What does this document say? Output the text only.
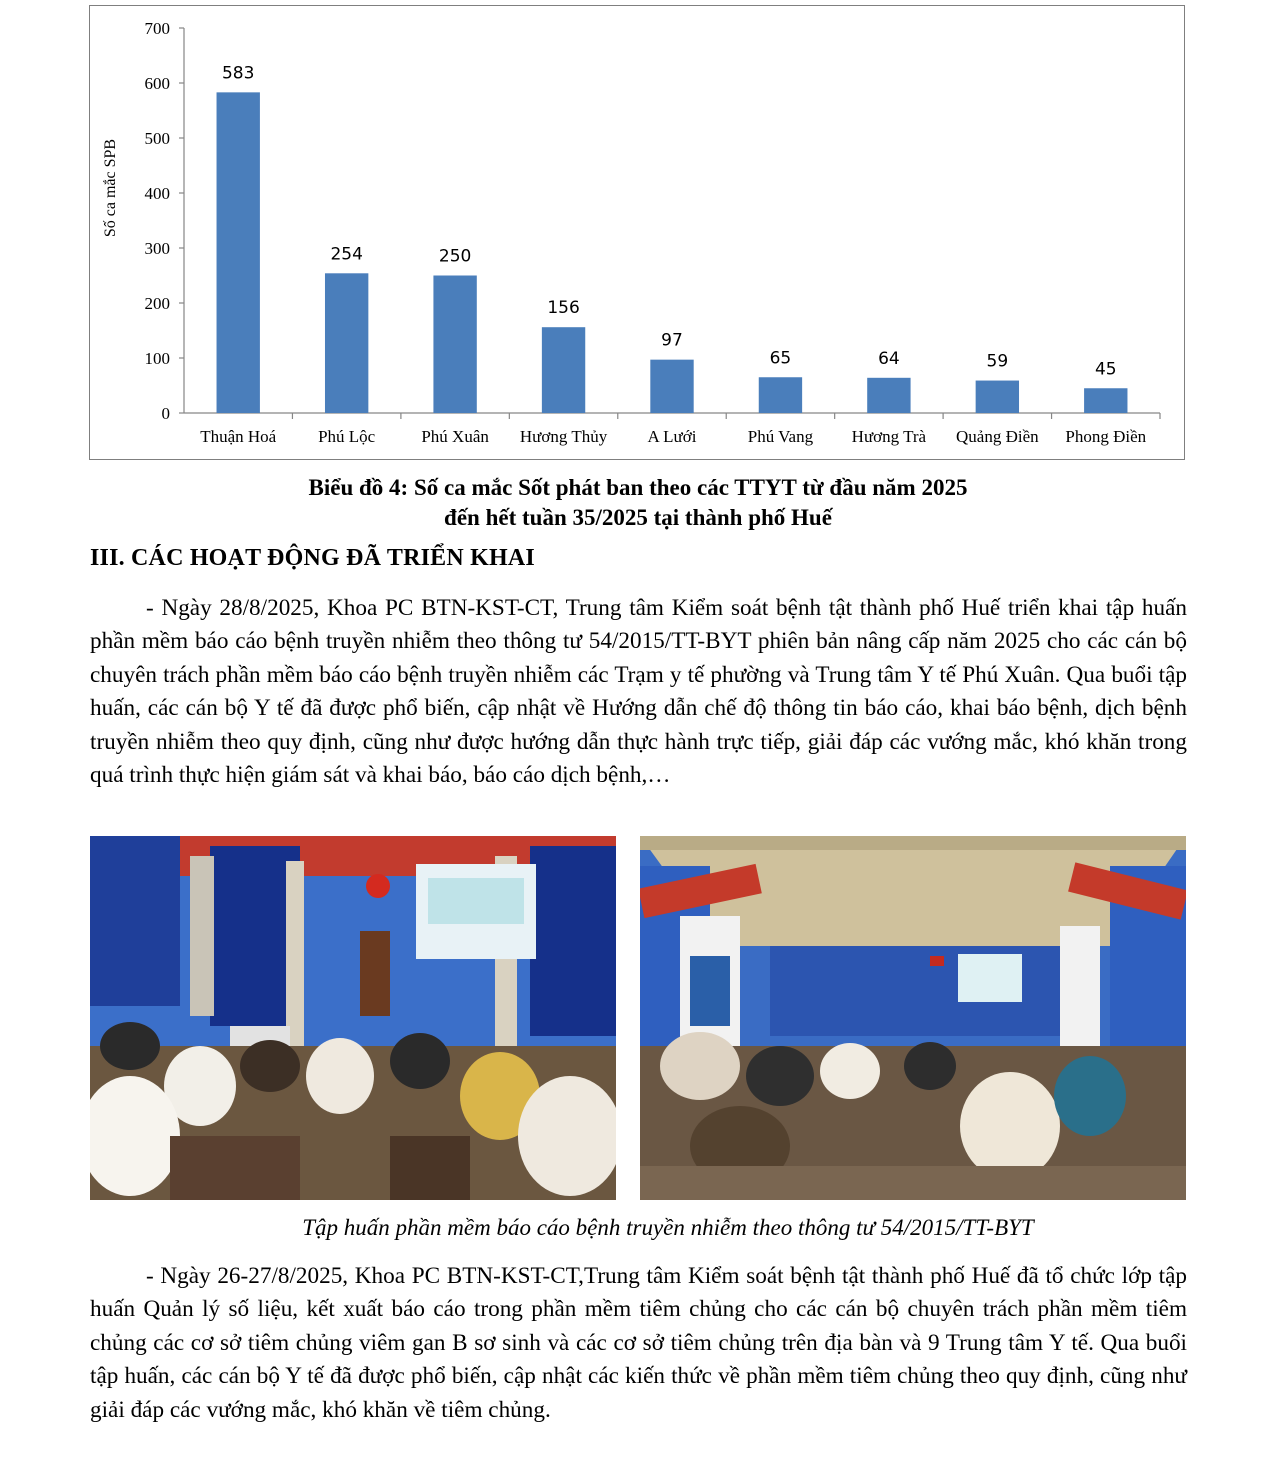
0
100
200
300
400
500
600
700
Số ca mắc SPB
583
Thuận Hoá
254
Phú Lộc
250
Phú Xuân
156
Hương Thủy
97
A Lưới
65
Phú Vang
64
Hương Trà
59
Quảng Điền
45
Phong Điền
Biểu đồ 4: Số ca mắc Sốt phát ban theo các TTYT từ đầu năm 2025
đến hết tuần 35/2025 tại thành phố Huế
III. CÁC HOẠT ĐỘNG ĐÃ TRIỂN KHAI

- Ngày 28/8/2025, Khoa PC BTN-KST-CT, Trung tâm Kiểm soát bệnh tật thành phố Huế triển khai tập huấn phần mềm báo cáo bệnh truyền nhiễm theo thông tư 54/2015/TT-BYT phiên bản nâng cấp năm 2025 cho các cán bộ chuyên trách phần mềm báo cáo bệnh truyền nhiễm các Trạm y tế phường và Trung tâm Y tế Phú Xuân. Qua buổi tập huấn, các cán bộ Y tế đã được phổ biến, cập nhật về Hướng dẫn chế độ thông tin báo cáo, khai báo bệnh, dịch bệnh truyền nhiễm theo quy định, cũng như được hướng dẫn thực hành trực tiếp, giải đáp các vướng mắc, khó khăn trong quá trình thực hiện giám sát và khai báo, báo cáo dịch bệnh,…

Tập huấn phần mềm báo cáo bệnh truyền nhiễm theo thông tư 54/2015/TT-BYT

- Ngày 26-27/8/2025, Khoa PC BTN-KST-CT,Trung tâm Kiểm soát bệnh tật thành phố Huế đã tổ chức lớp tập huấn Quản lý số liệu, kết xuất báo cáo trong phần mềm tiêm chủng cho các cán bộ chuyên trách phần mềm tiêm chủng các cơ sở tiêm chủng viêm gan B sơ sinh và các cơ sở tiêm chủng trên địa bàn và 9 Trung tâm Y tế. Qua buổi tập huấn, các cán bộ Y tế đã được phổ biến, cập nhật các kiến thức về phần mềm tiêm chủng theo quy định, cũng như giải đáp các vướng mắc, khó khăn về tiêm chủng.
